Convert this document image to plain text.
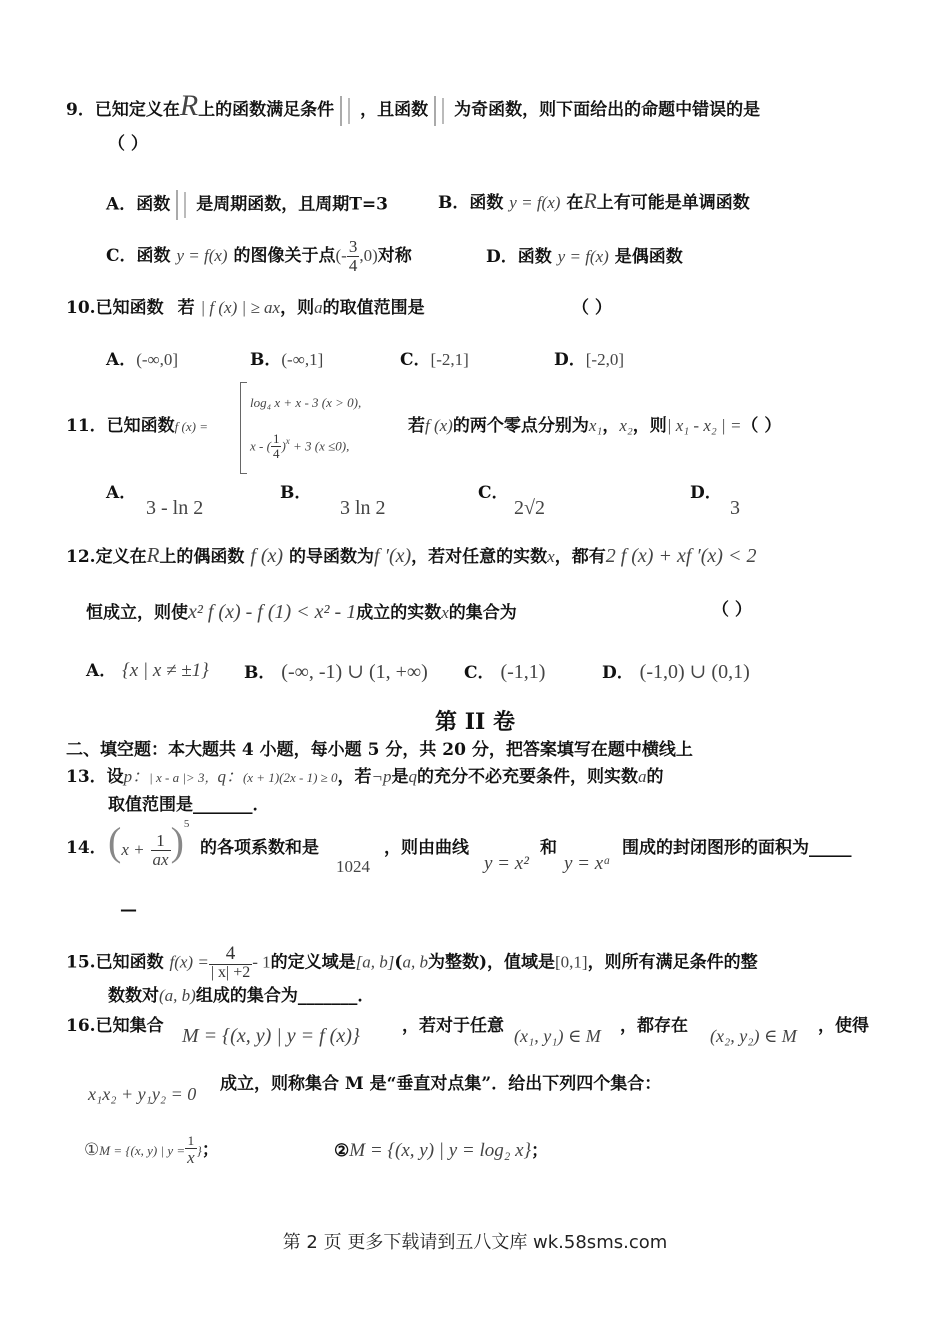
9．已知定义在R上的函数满足条件 ，且函数 为奇函数，则下面给出的命题中错误的是
（ ）
A．函数 是周期函数，且周期T=3	B．函数 y = f(x) 在R上有可能是单调函数
C．函数 y = f(x) 的图像关于点(- $\frac{3}{4} ,0$)对称	D．函数 y = f(x) 是偶函数
10.已知函数 若 | f (x) | ≥ ax，则a的取值范围是	（ ）
A．(-∞,0]	B．(-∞,1]	C．[-2,1]	D．[-2,0]
11．已知函数f (x) =
log₄ x + x - 3 (x > 0),
x - ( $\frac{1}{4} )^x + 3$ (x ≤0),
若f (x)的两个零点分别为x₁，x₂，则| x₁ - x₂ | =（ ）
A．
3 - ln 2
B．
3 ln 2
C．
2√2
D．
3
12.定义在R上的偶函数 f (x) 的导函数为f ′(x)，若对任意的实数x，都有2 f (x) + xf ′(x) < 2
恒成立，则使x² f (x) - f (1) < x² - 1成立的实数x的集合为	（ ）
A． {x | x ≠ ±1} B． (-∞, -1) ∪ (1, +∞) C． (-1,1)	D． (-1,0) ∪ (0,1)
第 II 卷
二、填空题：本大题共 4 小题，每小题 5 分，共 20 分，把答案填写在题中横线上
13．设p：| x - a |> 3，q：(x + 1)(2x - 1) ≥ 0，若¬p是q的充分不必充要条件，则实数a的
取值范围是_______．
14． $(x + \frac{1}{ax} )^5$
的各项系数和是
1024
，则由曲线
y = x²
和
y = xᵃ
围成的封闭图形的面积为_____
—
15.已知函数 $f(x) = \frac{4}{| x| +2} - 1$的定义域是[a, b](a, b为整数)，值域是[0,1]，则所有满足条件的整
数数对(a, b)组成的集合为_______．
16.已知集合 M = {(x, y) | y = f (x)} ，若对于任意 (x₁, y₁) ∈ M ，都存在 (x₂, y₂) ∈ M ，使得
x₁x₂ + y₁y₂ = 0 成立，则称集合 M 是“垂直对点集”．给出下列四个集合：
①M = {(x, y) | $y = \frac{1}{x}$ }；	②M = {(x, y) | y = log₂ x}；
第 2 页 更多下载请到五八文库 wk.58sms.com
